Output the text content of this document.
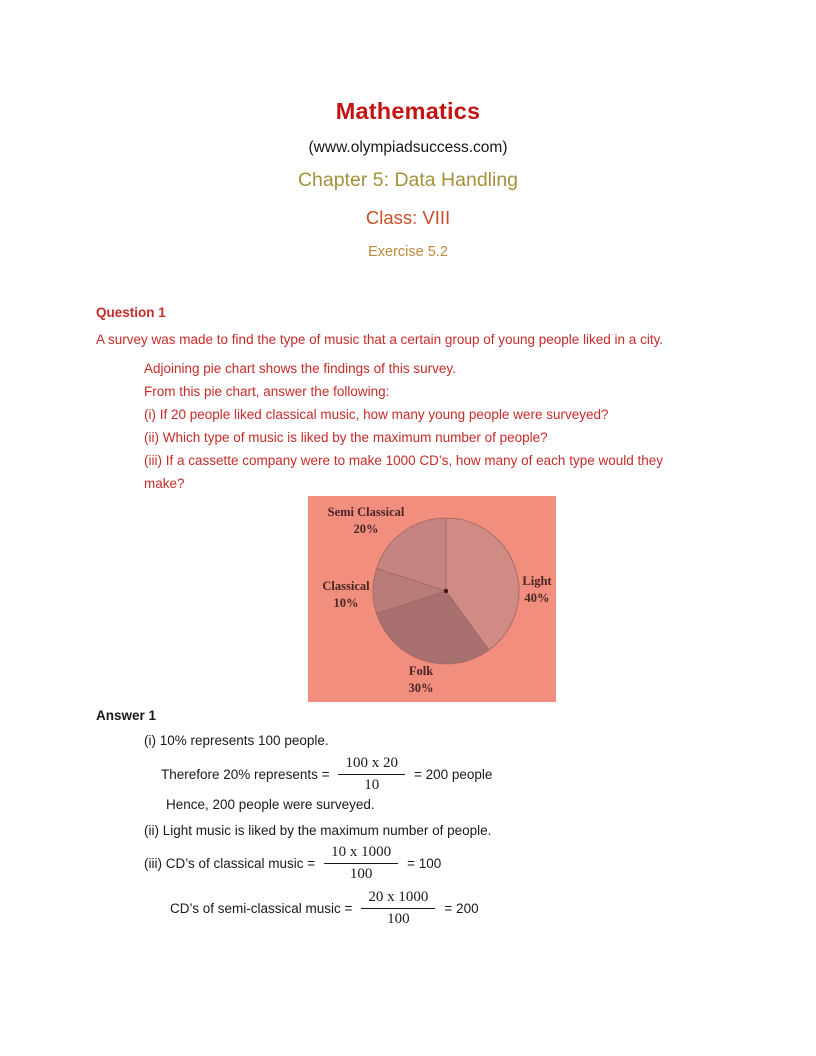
Mathematics
(www.olympiadsuccess.com)
Chapter 5: Data Handling
Class: VIII
Exercise 5.2
Question 1
A survey was made to find the type of music that a certain group of young people liked in a city.
Adjoining pie chart shows the findings of this survey.
From this pie chart, answer the following:
(i) If 20 people liked classical music, how many young people were surveyed?
(ii) Which type of music is liked by the maximum number of people?
(iii) If a cassette company were to make 1000 CD’s, how many of each type would they
make?
Semi Classical
20%
Classical
10%
Light
40%
Folk
30%
Answer 1
(i) 10% represents 100 people.
Therefore 20% represents = $\frac{100 x 20}{10} = 200$ people
Hence, 200 people were surveyed.
(ii) Light music is liked by the maximum number of people.
(iii) CD’s of classical music = $\frac{10 x 1000}{100} = 100$
CD’s of semi-classical music = $\frac{20 x 1000}{100} = 200$
